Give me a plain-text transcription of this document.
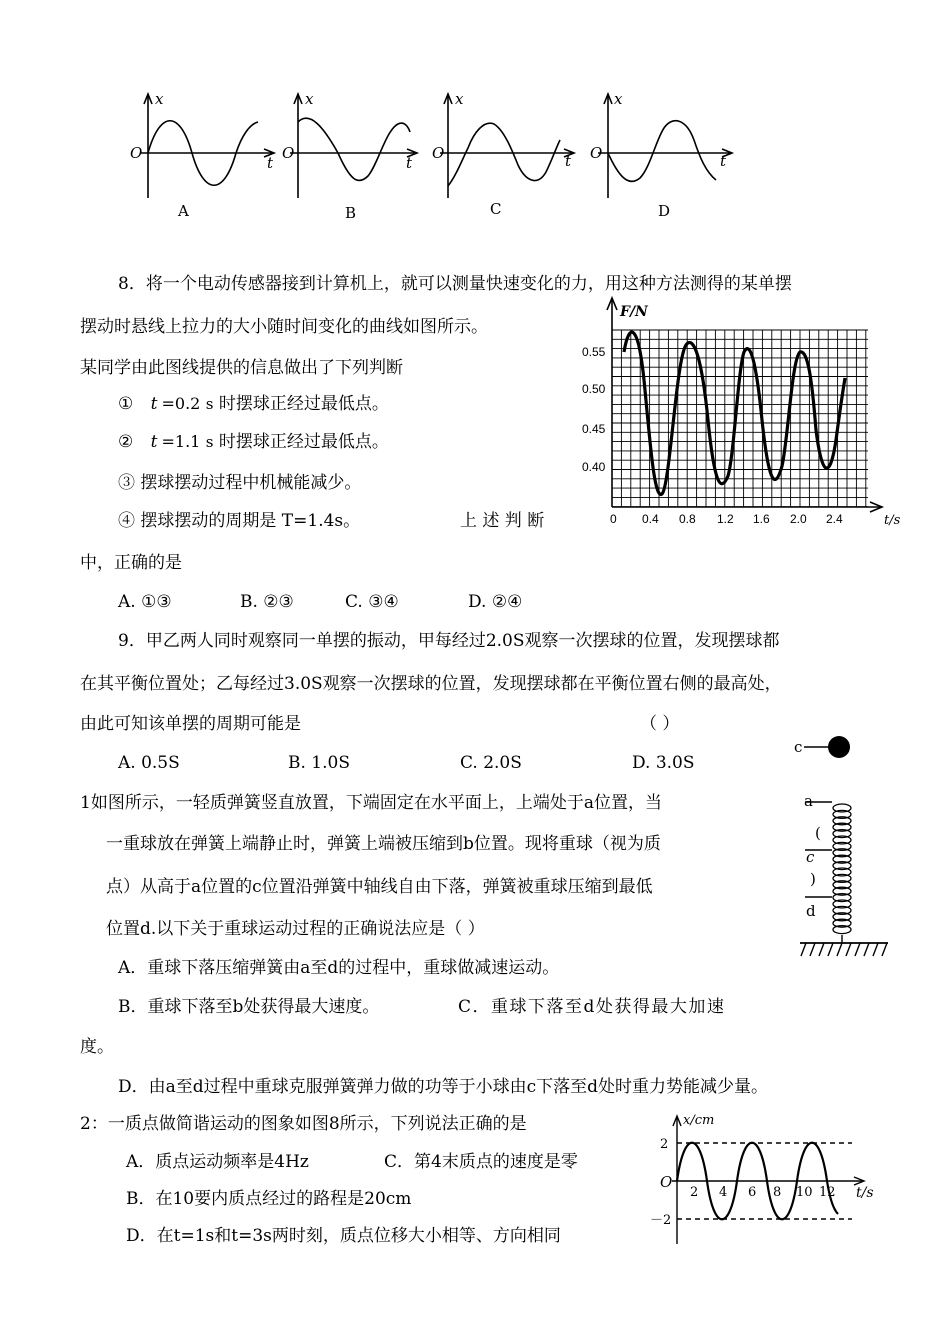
x
O
t
A
x
O
t
B
x
O	t
C
x
O	t
D
8．将一个电动传感器接到计算机上，就可以测量快速变化的力，用这种方法测得的某单摆
摆动时悬线上拉力的大小随时间变化的曲线如图所示。
某同学由此图线提供的信息做出了下列判断
① t =0.2 s 时摆球正经过最低点。
② t =1.1 s 时摆球正经过最低点。
③ 摆球摆动过程中机械能减少。
④ 摆球摆动的周期是 T=1.4s。	上 述 判 断
中，正确的是
A. ①③	B. ②③	C. ③④	D. ②④
0.55
0.50
0.45
0.40
0 0.4 0.8 1.2 1.6 2.0 2.4
F/N
t/s
9．甲乙两人同时观察同一单摆的振动，甲每经过2.0S观察一次摆球的位置，发现摆球都
在其平衡位置处；乙每经过3.0S观察一次摆球的位置，发现摆球都在平衡位置右侧的最高处，
由此可知该单摆的周期可能是	（ ）
A. 0.5S	B. 1.0S	C. 2.0S	D. 3.0S
1如图所示，一轻质弹簧竖直放置，下端固定在水平面上，上端处于a位置，当
一重球放在弹簧上端静止时，弹簧上端被压缩到b位置。现将重球（视为质
点）从高于a位置的c位置沿弹簧中轴线自由下落，弹簧被重球压缩到最低
位置d.以下关于重球运动过程的正确说法应是（ ）
A．重球下落压缩弹簧由a至d的过程中，重球做减速运动。
B．重球下落至b处获得最大速度。	C．重球下落至d处获得最大加速
度。
D．由a至d过程中重球克服弹簧弹力做的功等于小球由c下落至d处时重力势能减少量。
c
a
(
c
)
d
2：一质点做简谐运动的图象如图8所示，下列说法正确的是
A．质点运动频率是4Hz	C．第4末质点的速度是零
B．在10要内质点经过的路程是20cm
D．在t=1s和t=3s两时刻，质点位移大小相等、方向相同
x/cm
2
－2
O
2 4 6 8 10 12 t/s
